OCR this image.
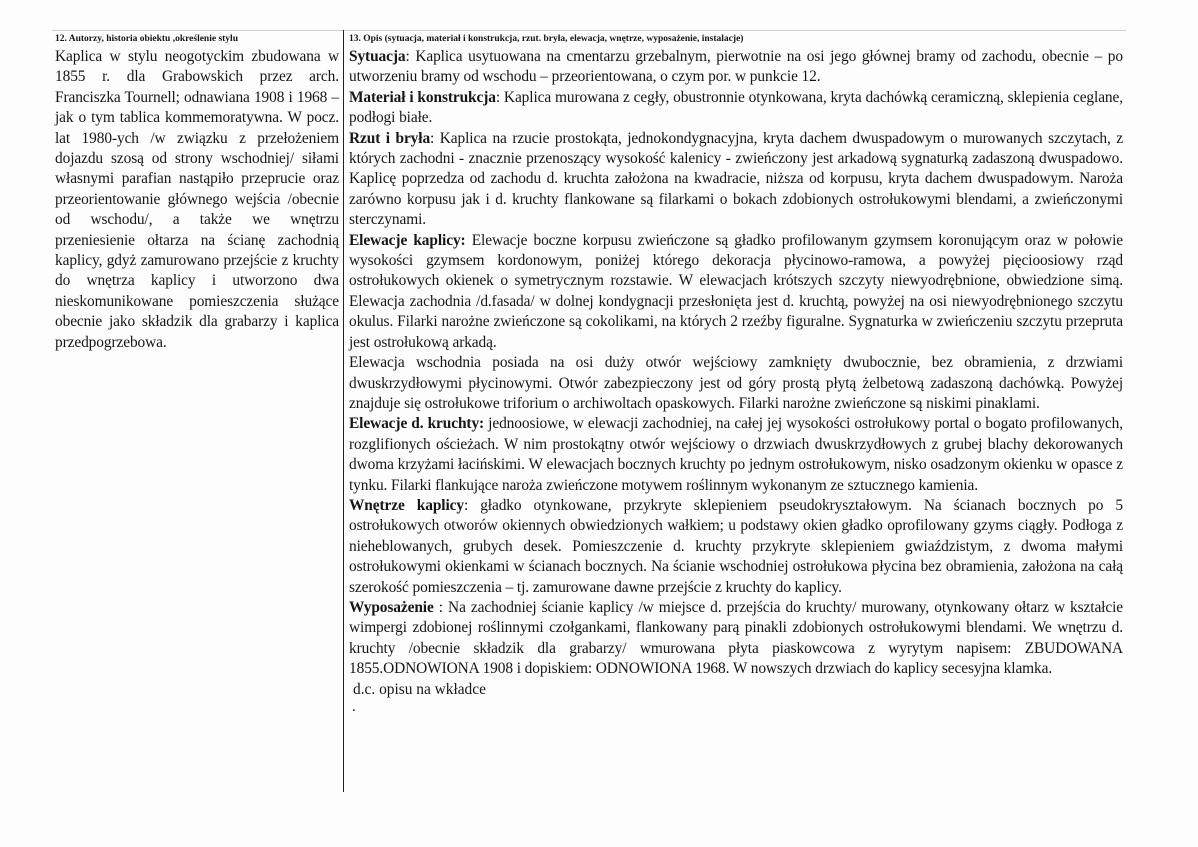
12. Autorzy, historia obiektu ,określenie stylu
Kaplica w stylu neogotyckim zbudowana w 1855 r. dla Grabowskich przez arch. Franciszka Tournell; odnawiana 1908 i 1968 – jak o tym tablica kommemoratywna. W pocz. lat 1980-ych /w związku z przełożeniem dojazdu szosą od strony wschodniej/ siłami własnymi parafian nastąpiło przeprucie oraz przeorientowanie głównego wejścia /obecnie od wschodu/, a także we wnętrzu przeniesienie ołtarza na ścianę zachodnią kaplicy, gdyż zamurowano przejście z kruchty do wnętrza kaplicy i utworzono dwa nieskomunikowane pomieszczenia służące obecnie jako składzik dla grabarzy i kaplica przedpogrzebowa.
13. Opis (sytuacja, materiał i konstrukcja, rzut. bryła, elewacja, wnętrze, wyposażenie, instalacje)

Sytuacja: Kaplica usytuowana na cmentarzu grzebalnym, pierwotnie na osi jego głównej bramy od zachodu, obecnie – po utworzeniu bramy od wschodu – przeorientowana, o czym por. w punkcie 12.

Materiał i konstrukcja: Kaplica murowana z cegły, obustronnie otynkowana, kryta dachówką ceramiczną, sklepienia ceglane, podłogi białe.

Rzut i bryła: Kaplica na rzucie prostokąta, jednokondygnacyjna, kryta dachem dwuspadowym o murowanych szczytach, z których zachodni - znacznie przenoszący wysokość kalenicy - zwieńczony jest arkadową sygnaturką zadaszoną dwuspadowo. Kaplicę poprzedza od zachodu d. kruchta założona na kwadracie, niższa od korpusu, kryta dachem dwuspadowym. Naroża zarówno korpusu jak i d. kruchty flankowane są filarkami o bokach zdobionych ostrołukowymi blendami, a zwieńczonymi sterczynami.

Elewacje kaplicy: Elewacje boczne korpusu zwieńczone są gładko profilowanym gzymsem koronującym oraz w połowie wysokości gzymsem kordonowym, poniżej którego dekoracja płycinowo-ramowa, a powyżej pięcioosiowy rząd ostrołukowych okienek o symetrycznym rozstawie. W elewacjach krótszych szczyty niewyodrębnione, obwiedzione simą. Elewacja zachodnia /d.fasada/ w dolnej kondygnacji przesłonięta jest d. kruchtą, powyżej na osi niewyodrębnionego szczytu okulus. Filarki narożne zwieńczone są cokolikami, na których 2 rzeźby figuralne. Sygnaturka w zwieńczeniu szczytu przepruta jest ostrołukową arkadą.

Elewacja wschodnia posiada na osi duży otwór wejściowy zamknięty dwubocznie, bez obramienia, z drzwiami dwuskrzydłowymi płycinowymi. Otwór zabezpieczony jest od góry prostą płytą żelbetową zadaszoną dachówką. Powyżej znajduje się ostrołukowe triforium o archiwoltach opaskowych. Filarki narożne zwieńczone są niskimi pinaklami.

Elewacje d. kruchty: jednoosiowe, w elewacji zachodniej, na całej jej wysokości ostrołukowy portal o bogato profilowanych, rozglifionych ościeżach. W nim prostokątny otwór wejściowy o drzwiach dwuskrzydłowych z grubej blachy dekorowanych dwoma krzyżami łacińskimi. W elewacjach bocznych kruchty po jednym ostrołukowym, nisko osadzonym okienku w opasce z tynku. Filarki flankujące naroża zwieńczone motywem roślinnym wykonanym ze sztucznego kamienia.

Wnętrze kaplicy: gładko otynkowane, przykryte sklepieniem pseudokryształowym. Na ścianach bocznych po 5 ostrołukowych otworów okiennych obwiedzionych wałkiem; u podstawy okien gładko oprofilowany gzyms ciągły. Podłoga z nieheblowanych, grubych desek. Pomieszczenie d. kruchty przykryte sklepieniem gwiaździstym, z dwoma małymi ostrołukowymi okienkami w ścianach bocznych. Na ścianie wschodniej ostrołukowa płycina bez obramienia, założona na całą szerokość pomieszczenia – tj. zamurowane dawne przejście z kruchty do kaplicy.

Wyposażenie : Na zachodniej ścianie kaplicy /w miejsce d. przejścia do kruchty/ murowany, otynkowany ołtarz w kształcie wimpergi zdobionej roślinnymi czołgankami, flankowany parą pinakli zdobionych ostrołukowymi blendami. We wnętrzu d. kruchty /obecnie składzik dla grabarzy/ wmurowana płyta piaskowcowa z wyrytym napisem: ZBUDOWANA 1855.ODNOWIONA 1908 i dopiskiem: ODNOWIONA 1968. W nowszych drzwiach do kaplicy secesyjna klamka.

d.c. opisu na wkładce
.
